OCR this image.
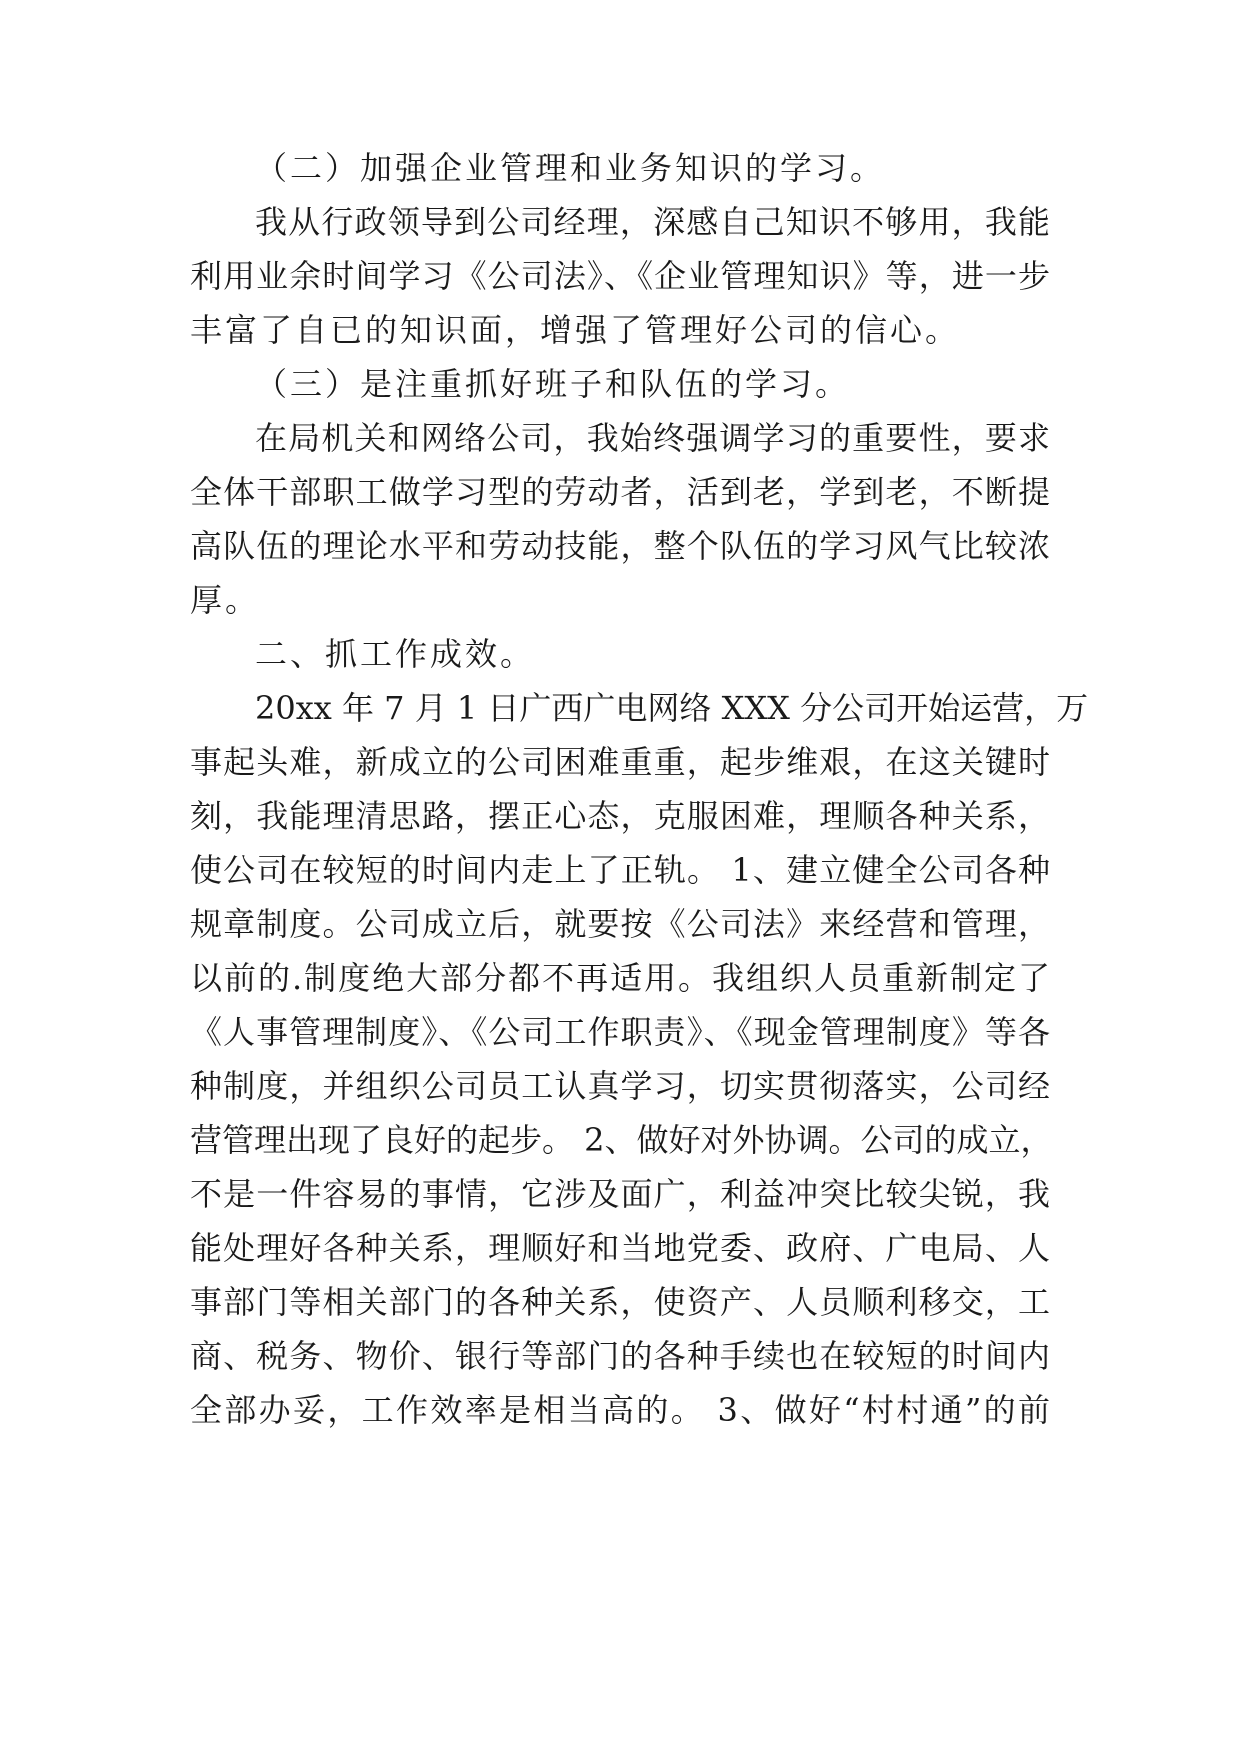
（二）加强企业管理和业务知识的学习。
我从行政领导到公司经理，深感自己知识不够用，我能
利用业余时间学习《公司法》、《企业管理知识》等，进一步
丰富了自已的知识面，增强了管理好公司的信心。
（三）是注重抓好班子和队伍的学习。
在局机关和网络公司，我始终强调学习的重要性，要求
全体干部职工做学习型的劳动者，活到老，学到老，不断提
高队伍的理论水平和劳动技能，整个队伍的学习风气比较浓
厚。
二、抓工作成效。
20xx 年 7 月 1 日广西广电网络 XXX 分公司开始运营，万
事起头难，新成立的公司困难重重，起步维艰，在这关键时
刻，我能理清思路，摆正心态，克服困难，理顺各种关系，
使公司在较短的时间内走上了正轨。 1、建立健全公司各种
规章制度。公司成立后，就要按《公司法》来经营和管理，
以前的.制度绝大部分都不再适用。我组织人员重新制定了
《人事管理制度》、《公司工作职责》、《现金管理制度》等各
种制度，并组织公司员工认真学习，切实贯彻落实，公司经
营管理出现了良好的起步。 2、做好对外协调。公司的成立，
不是一件容易的事情，它涉及面广，利益冲突比较尖锐，我
能处理好各种关系，理顺好和当地党委、政府、广电局、人
事部门等相关部门的各种关系，使资产、人员顺利移交，工
商、税务、物价、银行等部门的各种手续也在较短的时间内
全部办妥，工作效率是相当高的。 3、做好“村村通”的前
